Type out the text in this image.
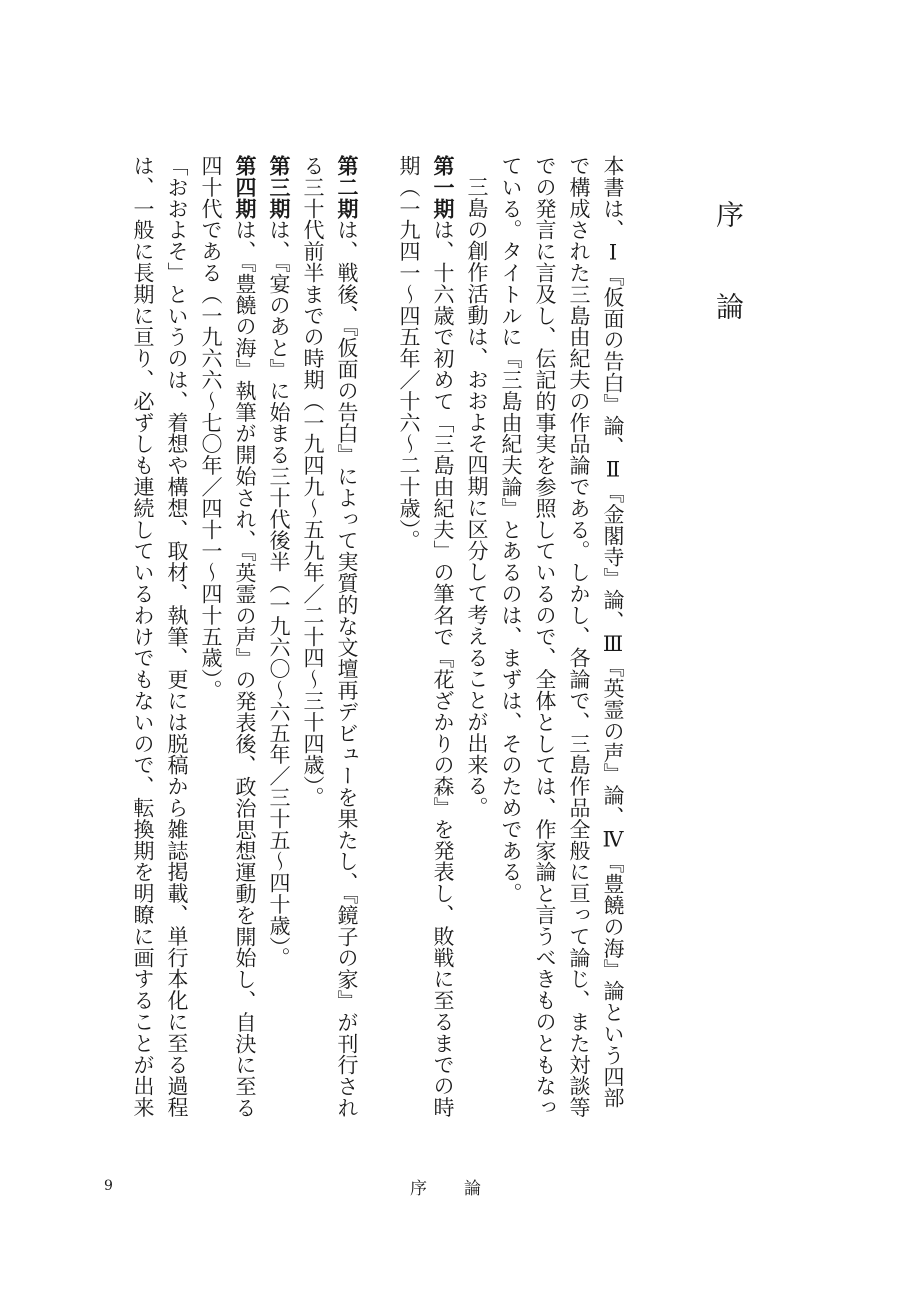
序　論

本書は、Ⅰ『仮面の告白』論、Ⅱ『金閣寺』論、Ⅲ『英霊の声』論、Ⅳ『豊饒の海』論という四部で構成された三島由紀夫の作品論である。しかし、各論で、三島作品全般に亘って論じ、また対談等での発言に言及し、伝記的事実を参照しているので、全体としては、作家論と言うべきものともなっている。タイトルに『三島由紀夫論』とあるのは、まずは、そのためである。

三島の創作活動は、おおよそ四期に区分して考えることが出来る。

第一期は、十六歳で初めて「三島由紀夫」の筆名で『花ざかりの森』を発表し、敗戦に至るまでの時期（一九四一～四五年／十六～二十歳）。

第二期は、戦後、『仮面の告白』によって実質的な文壇再デビューを果たし、『鏡子の家』が刊行される三十代前半までの時期（一九四九～五九年／二十四～三十四歳）。

第三期は、『宴のあと』に始まる三十代後半（一九六〇～六五年／三十五～四十歳）。

第四期は、『豊饒の海』執筆が開始され、『英霊の声』の発表後、政治思想運動を開始し、自決に至る四十代である（一九六六～七〇年／四十一～四十五歳）。

「おおよそ」というのは、着想や構想、取材、執筆、更には脱稿から雑誌掲載、単行本化に至る過程は、一般に長期に亘り、必ずしも連続しているわけでもないので、転換期を明瞭に画することが出来

9	序　論
